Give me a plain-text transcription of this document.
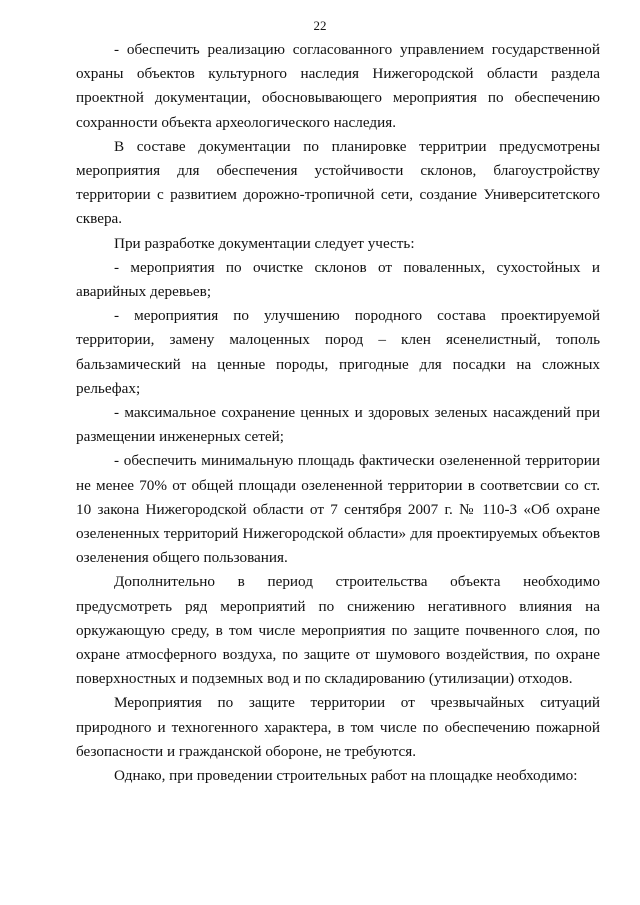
22

- обеспечить реализацию согласованного управлением государственной охраны объектов культурного наследия Нижегородской области раздела проектной документации, обосновывающего мероприятия по обеспечению сохранности объекта археологического наследия.

В составе документации по планировке территрии предусмотрены мероприятия для обеспечения устойчивости склонов, благоустройству территории с развитием дорожно-тропичной сети, создание Университетского сквера.

При разработке документации следует учесть:

- мероприятия по очистке склонов от поваленных, сухостойных и аварийных деревьев;

- мероприятия по улучшению породного состава проектируемой территории, замену малоценных пород – клен ясенелистный, тополь бальзамический на ценные породы, пригодные для посадки на сложных рельефах;

- максимальное сохранение ценных и здоровых зеленых насаждений при размещении инженерных сетей;

- обеспечить минимальную площадь фактически озелененной территории не менее 70% от общей площади озелененной территории в соответсвии со ст. 10 закона Нижегородской области от 7 сентября 2007 г. № 110-З «Об охране озелененных территорий Нижегородской области» для проектируемых объектов озеленения общего пользования.

Дополнительно в период строительства объекта необходимо предусмотреть ряд мероприятий по снижению негативного влияния на оркужающую среду, в том числе мероприятия по защите почвенного слоя, по охране атмосферного воздуха, по защите от шумового воздействия, по охране поверхностных и подземных вод и по складированию (утилизации) отходов.

Мероприятия по защите территории от чрезвычайных ситуаций природного и техногенного характера, в том числе по обеспечению пожарной безопасности и гражданской обороне, не требуются.

Однако, при проведении строительных работ на площадке необходимо:
